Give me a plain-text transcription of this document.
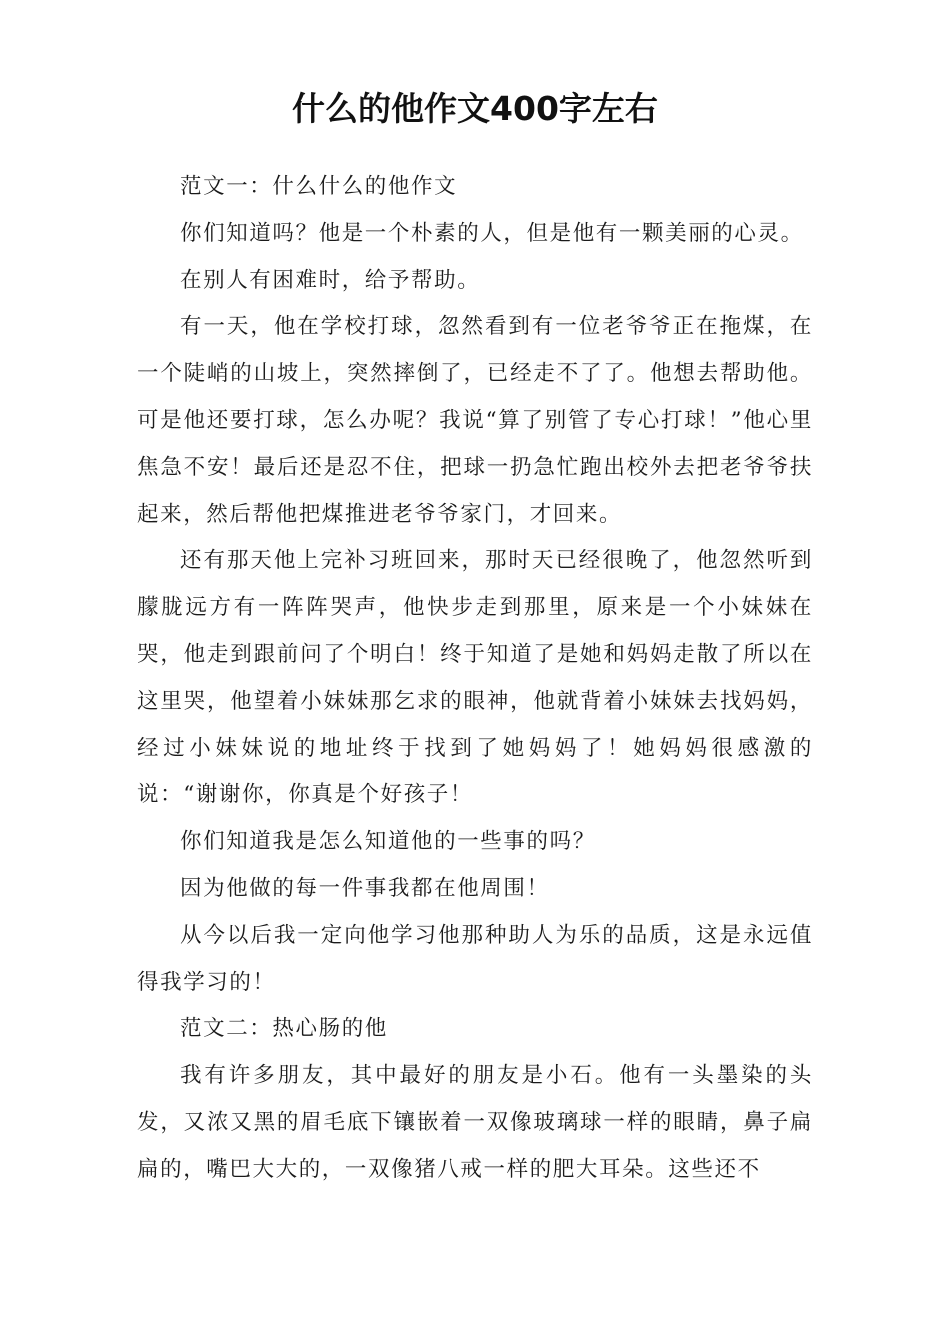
什么的他作文400字左右

范文一：什么什么的他作文

你们知道吗？他是一个朴素的人，但是他有一颗美丽的心灵。

在别人有困难时，给予帮助。

有一天，他在学校打球，忽然看到有一位老爷爷正在拖煤，在一个陡峭的山坡上，突然摔倒了，已经走不了了。他想去帮助他。可是他还要打球，怎么办呢？我说“算了别管了专心打球！”他心里焦急不安！最后还是忍不住，把球一扔急忙跑出校外去把老爷爷扶起来，然后帮他把煤推进老爷爷家门，才回来。

还有那天他上完补习班回来，那时天已经很晚了，他忽然听到朦胧远方有一阵阵哭声，他快步走到那里，原来是一个小妹妹在哭，他走到跟前问了个明白！终于知道了是她和妈妈走散了所以在这里哭，他望着小妹妹那乞求的眼神，他就背着小妹妹去找妈妈，经过小妹妹说的地址终于找到了她妈妈了！她妈妈很感激的说：“谢谢你，你真是个好孩子！

你们知道我是怎么知道他的一些事的吗？

因为他做的每一件事我都在他周围！

从今以后我一定向他学习他那种助人为乐的品质，这是永远值得我学习的！

范文二：热心肠的他

我有许多朋友，其中最好的朋友是小石。他有一头墨染的头发，又浓又黑的眉毛底下镶嵌着一双像玻璃球一样的眼睛，鼻子扁扁的，嘴巴大大的，一双像猪八戒一样的肥大耳朵。这些还不
